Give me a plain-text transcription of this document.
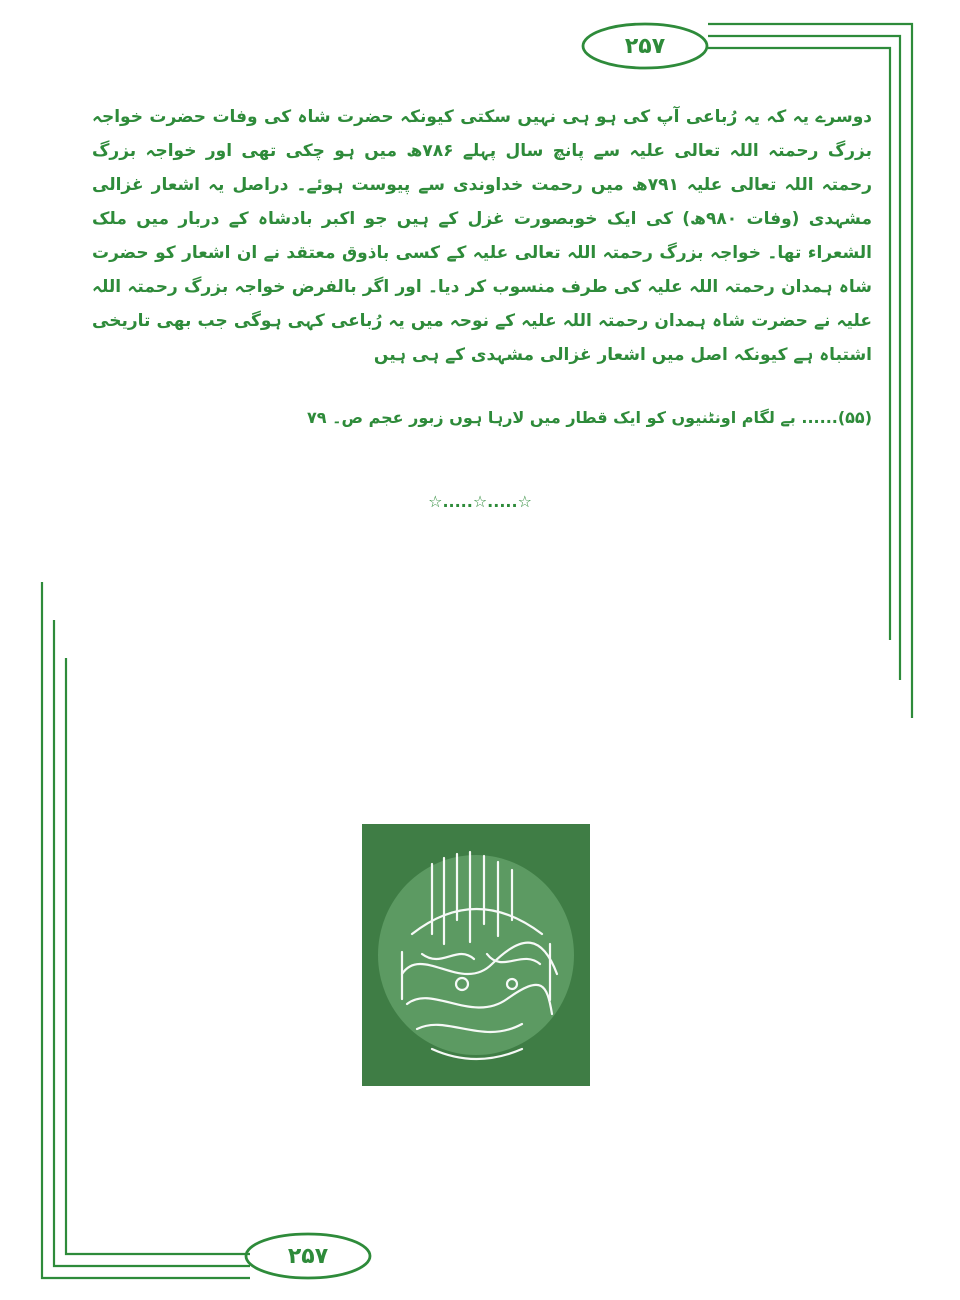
۲۵۷
۲۵۷

دوسرے یہ کہ یہ رُباعی آپ کی ہو ہی نہیں سکتی کیونکہ حضرت شاہ کی وفات حضرت خواجہ بزرگ رحمتہ اللہ تعالی علیہ سے پانچ سال پہلے ۷۸۶ھ میں ہو چکی تھی اور خواجہ بزرگ رحمتہ اللہ تعالی علیہ ۷۹۱ھ میں رحمت خداوندی سے پیوست ہوئے۔ دراصل یہ اشعار غزالی مشہدی (وفات ۹۸۰ھ) کی ایک خوبصورت غزل کے ہیں جو اکبر بادشاہ کے دربار میں ملک الشعراء تھا۔ خواجہ بزرگ رحمتہ اللہ تعالی علیہ کے کسی باذوق معتقد نے ان اشعار کو حضرت شاہ ہمدان رحمتہ اللہ علیہ کی طرف منسوب کر دیا۔ اور اگر بالفرض خواجہ بزرگ رحمتہ اللہ علیہ نے حضرت شاہ ہمدان رحمتہ اللہ علیہ کے نوحہ میں یہ رُباعی کہی ہوگی جب بھی تاریخی اشتباہ ہے کیونکہ اصل میں اشعار غزالی مشہدی کے ہی ہیں

(۵۵)...... بے لگام اونٹنیوں کو ایک قطار میں لارہا ہوں زبور عجم ص۔ ۷۹

☆.....☆.....☆
